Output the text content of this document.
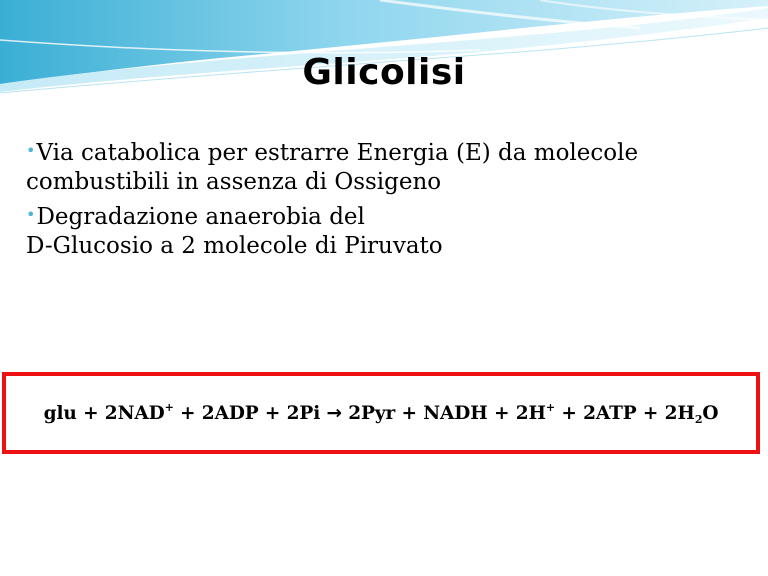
Glicolisi
•Via catabolica per estrarre Energia (E) da molecole
combustibili in assenza di Ossigeno
•Degradazione anaerobia del
D-Glucosio a 2 molecole di Piruvato
glu + 2NAD+ + 2ADP + 2Pi → 2Pyr + NADH + $2H^+ + 2ATP + 2H_2O$
